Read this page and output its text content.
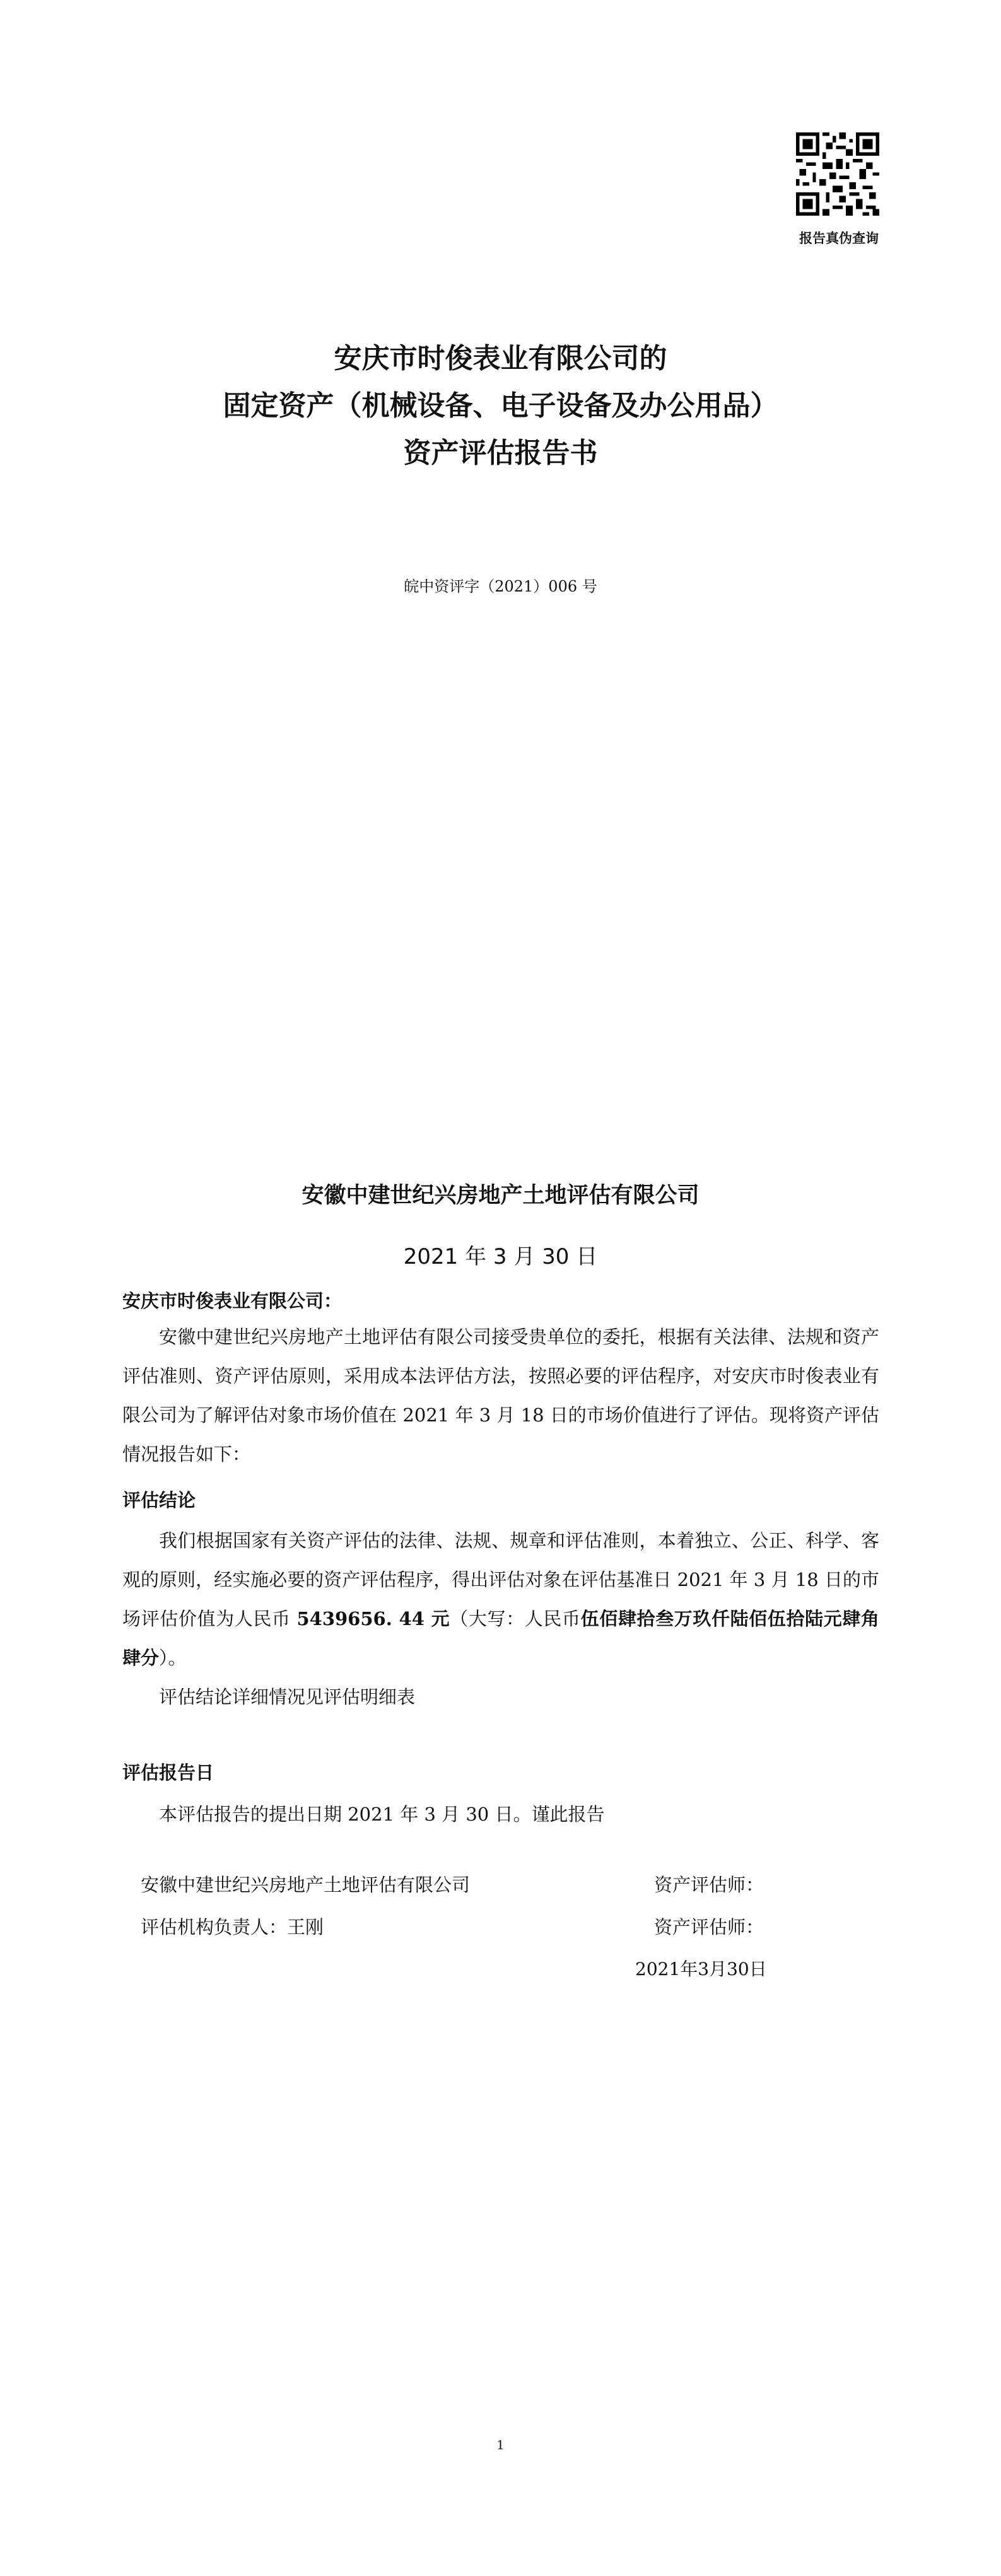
报告真伪查询
安庆市时俊表业有限公司的
固定资产（机械设备、电子设备及办公用品）
资产评估报告书
皖中资评字（2021）006 号
安徽中建世纪兴房地产土地评估有限公司
2021 年 3 月 30 日
安庆市时俊表业有限公司：
安徽中建世纪兴房地产土地评估有限公司接受贵单位的委托，根据有关法律、法规和资产评估准则、资产评估原则，采用成本法评估方法，按照必要的评估程序，对安庆市时俊表业有限公司为了解评估对象市场价值在 2021 年 3 月 18 日的市场价值进行了评估。现将资产评估情况报告如下：
评估结论
我们根据国家有关资产评估的法律、法规、规章和评估准则，本着独立、公正、科学、客观的原则，经实施必要的资产评估程序，得出评估对象在评估基准日 2021 年 3 月 18 日的市场评估价值为人民币 5439656. 44 元（大写：人民币伍佰肆拾叁万玖仟陆佰伍拾陆元肆角肆分）。
评估结论详细情况见评估明细表
评估报告日
本评估报告的提出日期 2021 年 3 月 30 日。谨此报告
安徽中建世纪兴房地产土地评估有限公司	资产评估师：
评估机构负责人：王刚	资产评估师：
2021年3月30日
1
